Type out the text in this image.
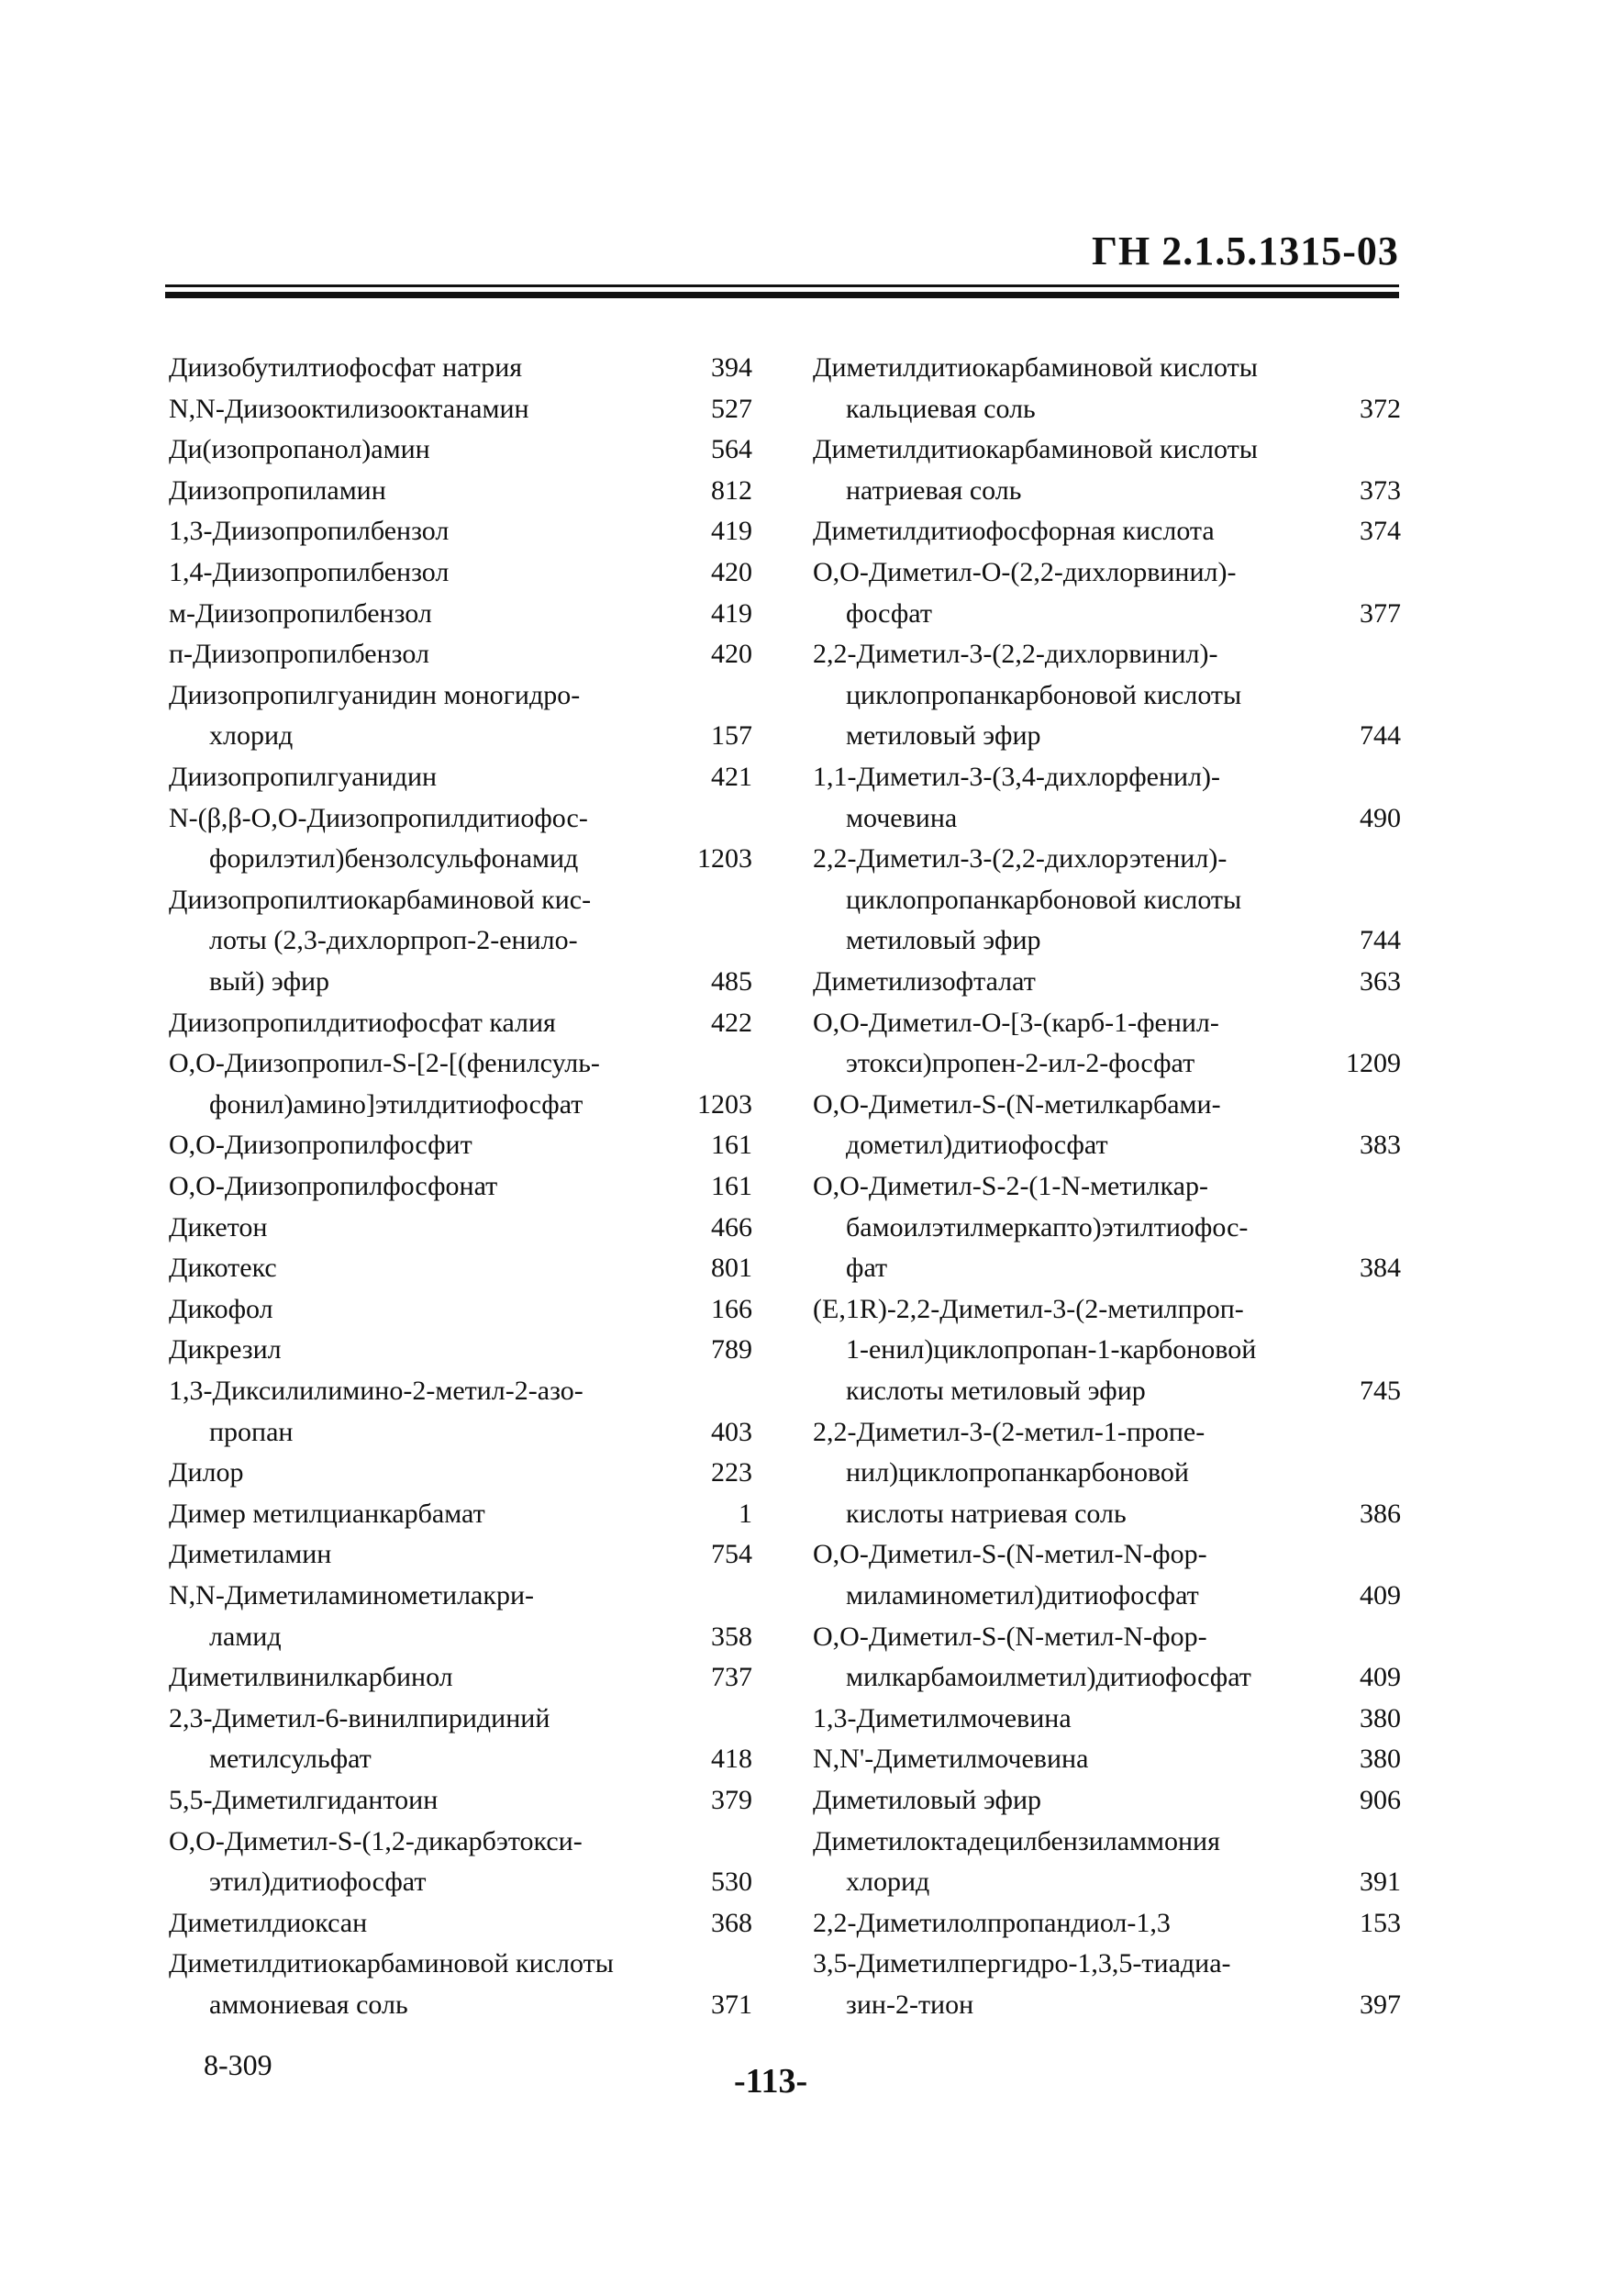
ГН 2.1.5.1315-03
Диизобутилтиофосфат натрия	394
N,N-Диизооктилизооктанамин	527
Ди(изопропанол)амин	564
Диизопропиламин	812
1,3-Диизопропилбензол	419
1,4-Диизопропилбензол	420
м-Диизопропилбензол	419
п-Диизопропилбензол	420
Диизопропилгуанидин моногидро-
хлорид	157
Диизопропилгуанидин	421
N-(β,β-O,O-Диизопропилдитиофос-
форилэтил)бензолсульфонамид	1203
Диизопропилтиокарбаминовой кис-
лоты (2,3-дихлорпроп-2-енило-
вый) эфир	485
Диизопропилдитиофосфат калия	422
O,O-Диизопропил-S-[2-[(фенилсуль-
фонил)амино]этилдитиофосфат	1203
O,O-Диизопропилфосфит	161
O,O-Диизопропилфосфонат	161
Дикетон	466
Дикотекс	801
Дикофол	166
Дикрезил	789
1,3-Диксилилимино-2-метил-2-азо-
пропан	403
Дилор	223
Димер метилцианкарбамат	1
Диметиламин	754
N,N-Диметиламинометилакри-
ламид	358
Диметилвинилкарбинол	737
2,3-Диметил-6-винилпиридиний
метилсульфат	418
5,5-Диметилгидантоин	379
O,O-Диметил-S-(1,2-дикарбэтокси-
этил)дитиофосфат	530
Диметилдиоксан	368
Диметилдитиокарбаминовой кислоты
аммониевая соль	371
Диметилдитиокарбаминовой кислоты
кальциевая соль	372
Диметилдитиокарбаминовой кислоты
натриевая соль	373
Диметилдитиофосфорная кислота	374
O,O-Диметил-O-(2,2-дихлорвинил)-
фосфат	377
2,2-Диметил-3-(2,2-дихлорвинил)-
циклопропанкарбоновой кислоты
метиловый эфир	744
1,1-Диметил-3-(3,4-дихлорфенил)-
мочевина	490
2,2-Диметил-3-(2,2-дихлорэтенил)-
циклопропанкарбоновой кислоты
метиловый эфир	744
Диметилизофталат	363
O,O-Диметил-O-[3-(карб-1-фенил-
этокси)пропен-2-ил-2-фосфат	1209
O,O-Диметил-S-(N-метилкарбами-
дометил)дитиофосфат	383
O,O-Диметил-S-2-(1-N-метилкар-
бамоилэтилмеркапто)этилтиофос-
фат	384
(E,1R)-2,2-Диметил-3-(2-метилпроп-
1-енил)циклопропан-1-карбоновой
кислоты метиловый эфир	745
2,2-Диметил-3-(2-метил-1-пропе-
нил)циклопропанкарбоновой
кислоты натриевая соль	386
O,O-Диметил-S-(N-метил-N-фор-
миламинометил)дитиофосфат	409
O,O-Диметил-S-(N-метил-N-фор-
милкарбамоилметил)дитиофосфат	409
1,3-Диметилмочевина	380
N,N'-Диметилмочевина	380
Диметиловый эфир	906
Диметилоктадецилбензиламмония
хлорид	391
2,2-Диметилолпропандиол-1,3	153
3,5-Диметилпергидро-1,3,5-тиадиа-
зин-2-тион	397
8-309	-113-
